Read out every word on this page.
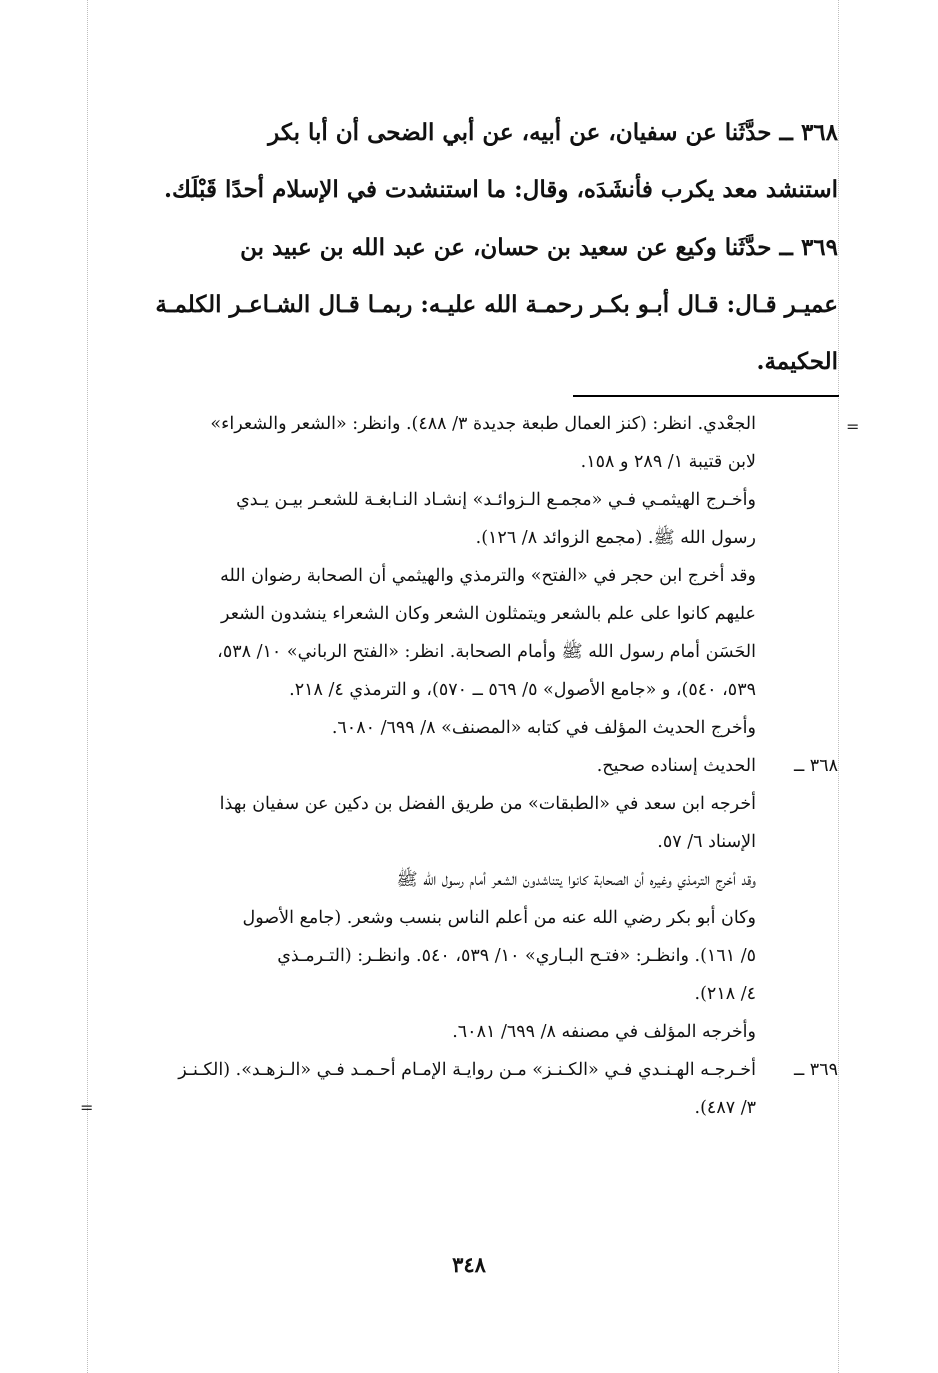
٣٦٨ ــ حدَّثَنا عن سفيان، عن أبيه، عن أبي الضحى أن أبا بكر
استنشد معد يكرب فأنشَدَه، وقال: ما استنشدت في الإسلام أحدًا قَبْلَك.
٣٦٩ ــ حدَّثَنا وكيع عن سعيد بن حسان، عن عبد الله بن عبيد بن
عميـر قـال: قـال أبـو بكـر رحمـة الله عليـه: ربمـا قـال الشـاعـر الكلمـة
الحكيمة.
=
الجعْدي. انظر: (كنز العمال طبعة جديدة ٣/ ٤٨٨). وانظر: «الشعر والشعراء»
لابن قتيبة ١/ ٢٨٩ و ١٥٨.
وأخـرج الهيثمـي فـي «مجمـع الـزوائـد» إنشـاد النـابغـة للشعـر بيـن يـدي
رسول الله ﷺ. (مجمع الزوائد ٨/ ١٢٦).
وقد أخرج ابن حجر في «الفتح» والترمذي والهيثمي أن الصحابة رضوان الله
عليهم كانوا على علم بالشعر ويتمثلون الشعر وكان الشعراء ينشدون الشعر
الحَسَن أمام رسول الله ﷺ وأمام الصحابة. انظر: «الفتح الرباني» ١٠/ ٥٣٨،
٥٣٩، ٥٤٠)، و «جامع الأصول» ٥/ ٥٦٩ ــ ٥٧٠)، و الترمذي ٤/ ٢١٨.
وأخرج الحديث المؤلف في كتابه «المصنف» ٨/ ٦٩٩/ ٦٠٨٠.
٣٦٨ ــ
الحديث إسناده صحيح.
أخرجه ابن سعد في «الطبقات» من طريق الفضل بن دكين عن سفيان بهذا
الإسناد ٦/ ٥٧.
وقد أخرج الترمذي وغيره أن الصحابة كانوا يتناشدون الشعر أمام رسول الله ﷺ
وكان أبو بكر رضي الله عنه من أعلم الناس بنسب وشعر. (جامع الأصول
٥/ ١٦١). وانظـر: «فتـح البـاري» ١٠/ ٥٣٩، ٥٤٠. وانظـر: (التـرمـذي
٤/ ٢١٨).
وأخرجه المؤلف في مصنفه ٨/ ٦٩٩/ ٦٠٨١.
٣٦٩ ــ
أخـرجـه الهـنـدي فـي «الكـنـز» مـن روايـة الإمـام أحـمـد فـي «الـزهـد». (الكـنـز
٣/ ٤٨٧).
=
٣٤٨
